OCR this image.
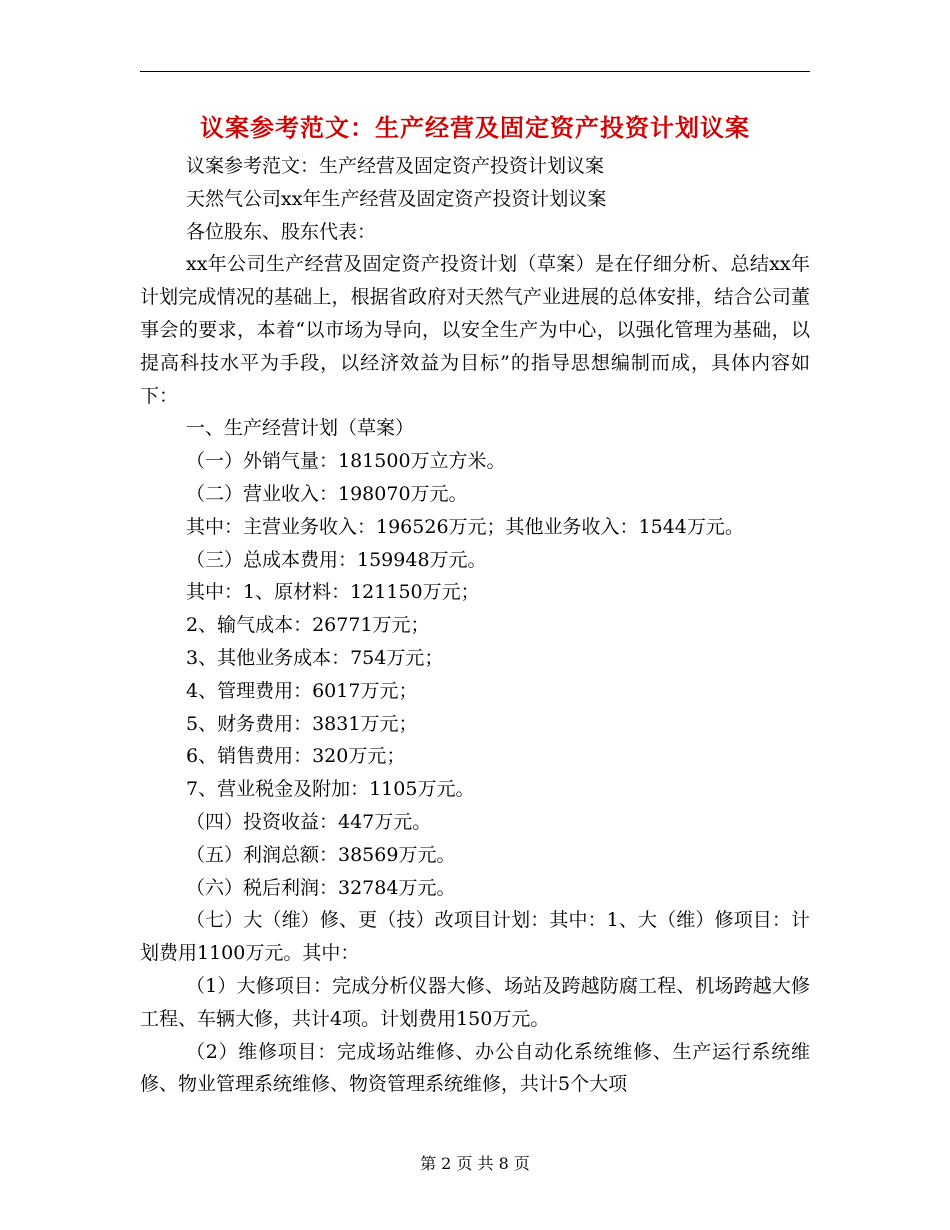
议案参考范文：生产经营及固定资产投资计划议案

议案参考范文：生产经营及固定资产投资计划议案

天然气公司xx年生产经营及固定资产投资计划议案

各位股东、股东代表：

xx年公司生产经营及固定资产投资计划（草案）是在仔细分析、总结xx年计划完成情况的基础上，根据省政府对天然气产业进展的总体安排，结合公司董事会的要求，本着“以市场为导向，以安全生产为中心，以强化管理为基础，以提高科技水平为手段，以经济效益为目标”的指导思想编制而成，具体内容如下：

一、生产经营计划（草案）

（一）外销气量：181500万立方米。

（二）营业收入：198070万元。

其中：主营业务收入：196526万元；其他业务收入：1544万元。

（三）总成本费用：159948万元。

其中：1、原材料：121150万元；

2、输气成本：26771万元；

3、其他业务成本：754万元；

4、管理费用：6017万元；

5、财务费用：3831万元；

6、销售费用：320万元；

7、营业税金及附加：1105万元。

（四）投资收益：447万元。

（五）利润总额：38569万元。

（六）税后利润：32784万元。

（七）大（维）修、更（技）改项目计划：其中：1、大（维）修项目：计划费用1100万元。其中：

（1）大修项目：完成分析仪器大修、场站及跨越防腐工程、机场跨越大修工程、车辆大修，共计4项。计划费用150万元。

（2）维修项目：完成场站维修、办公自动化系统维修、生产运行系统维修、物业管理系统维修、物资管理系统维修，共计5个大项

第 2 页 共 8 页
